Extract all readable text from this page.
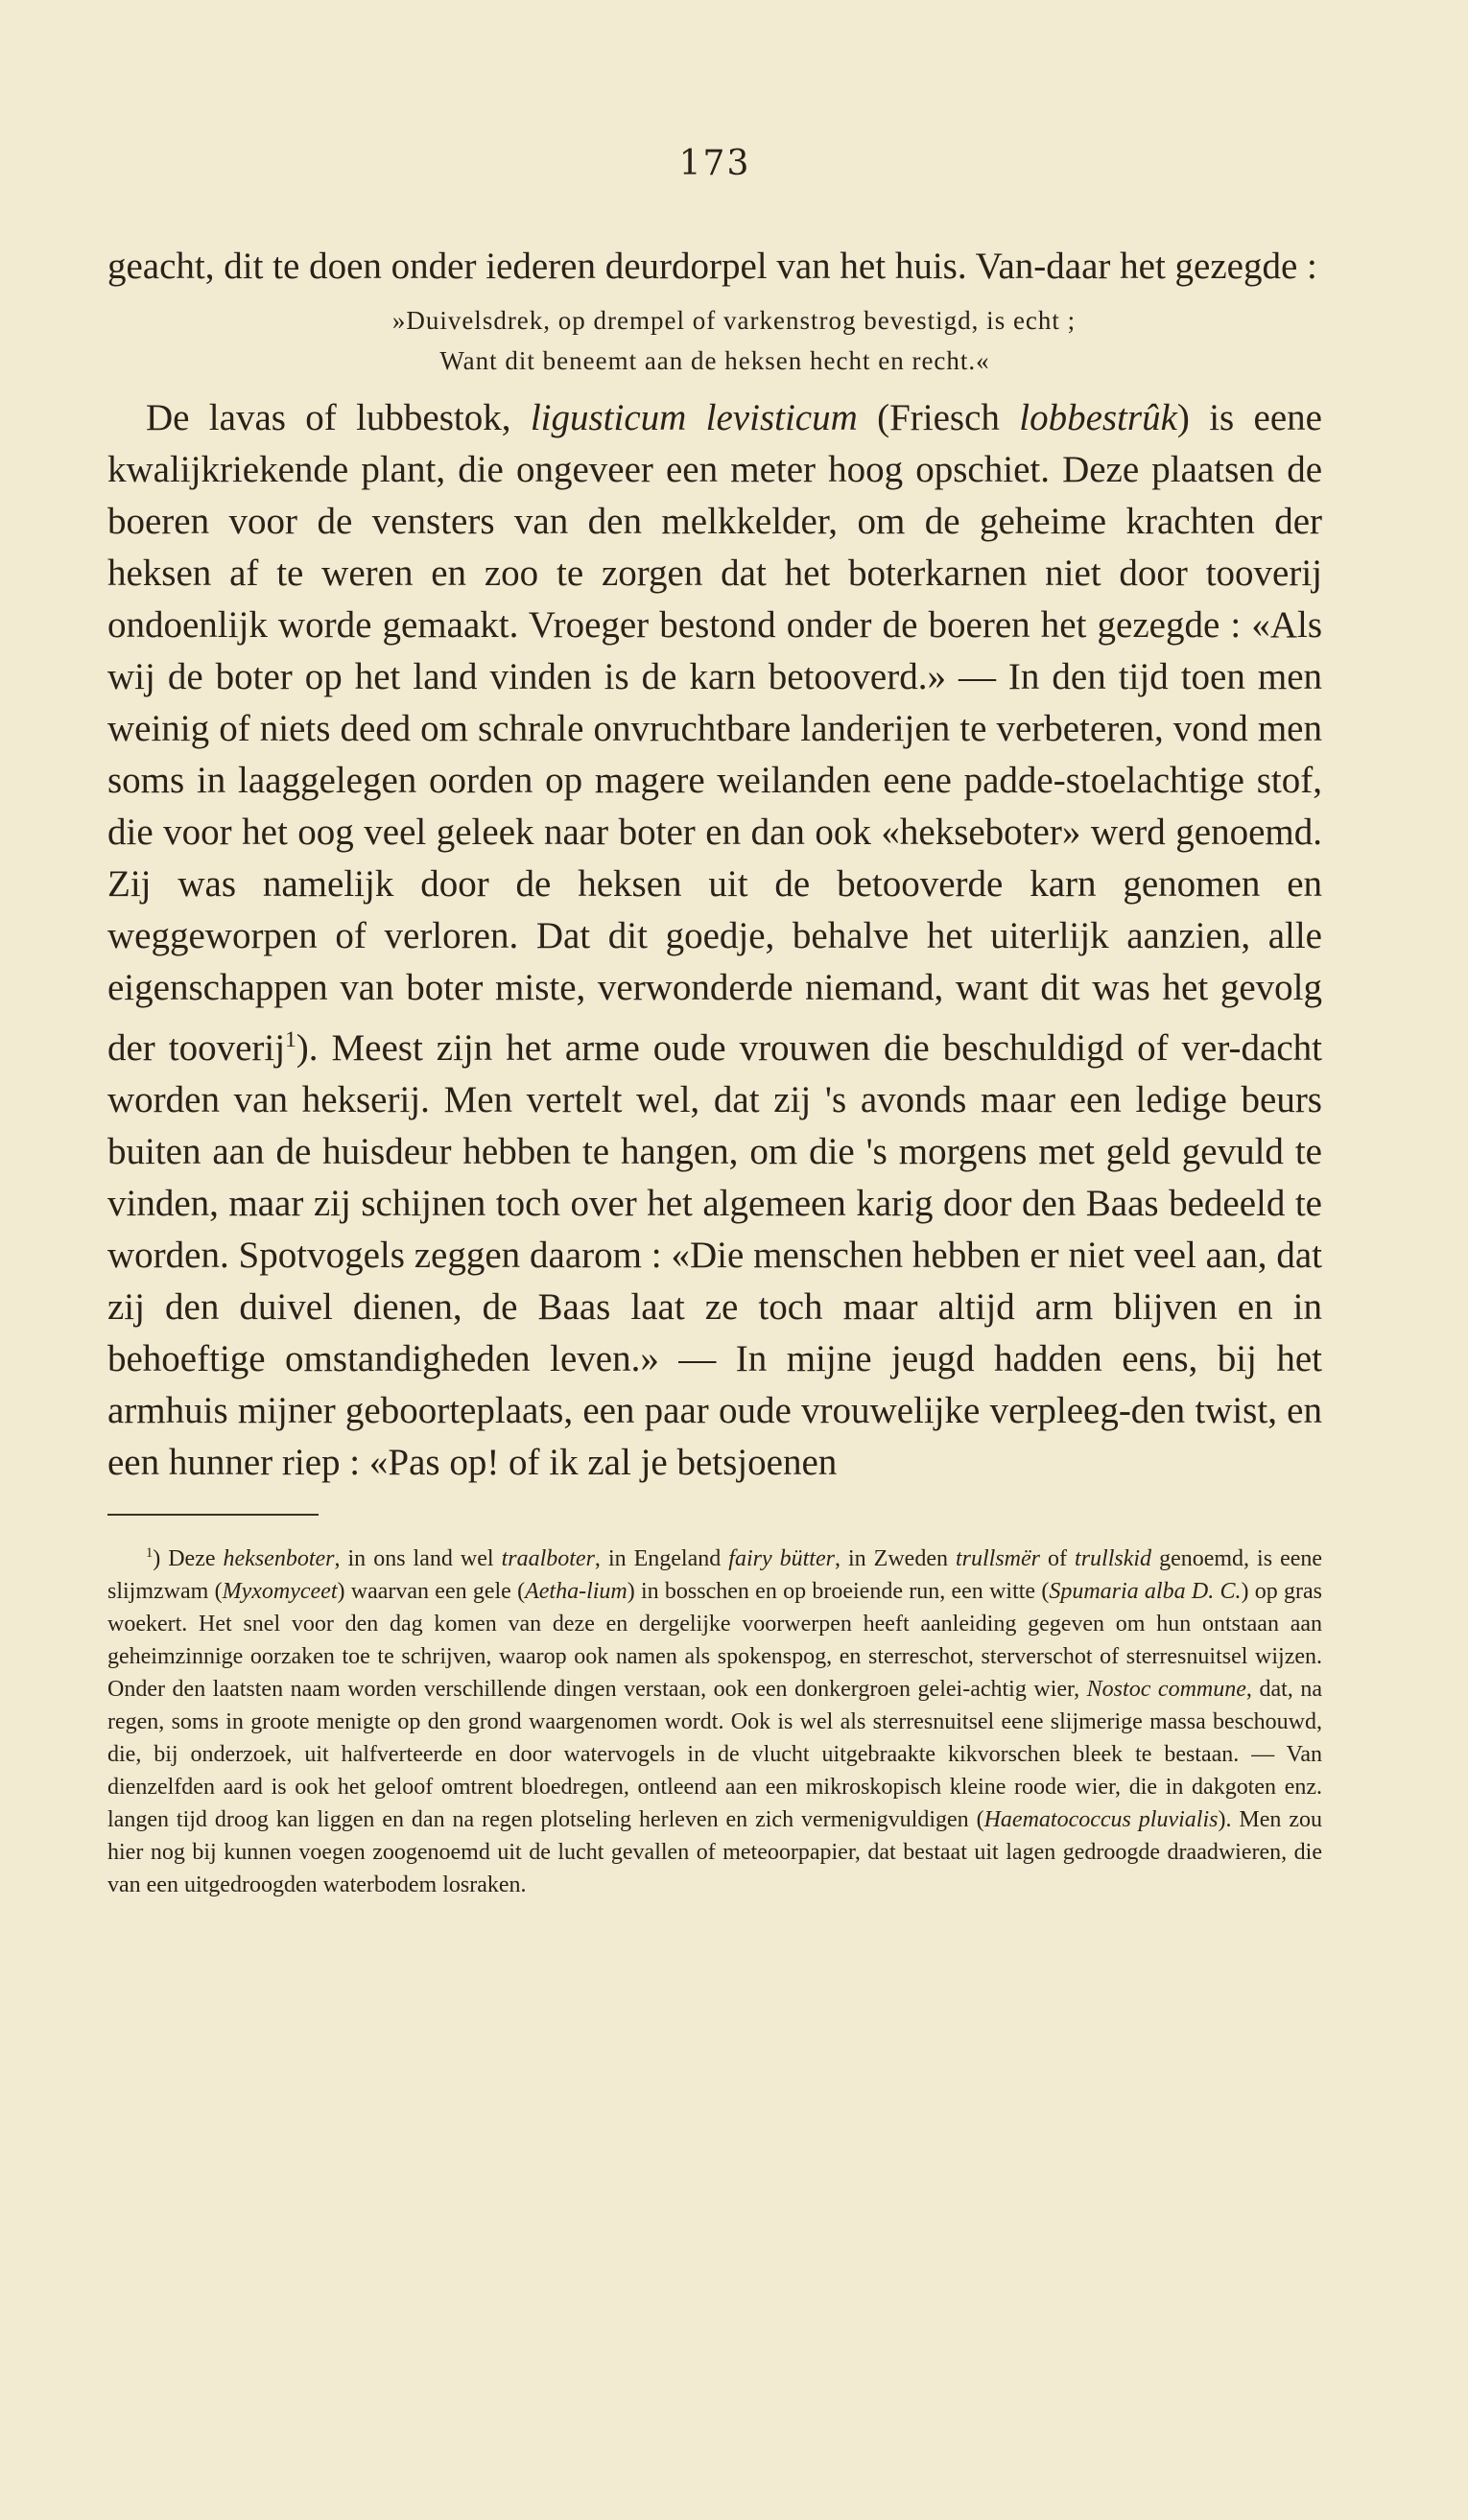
173

geacht, dit te doen onder iederen deurdorpel van het huis. Van-daar het gezegde :

»Duivelsdrek, op drempel of varkenstrog bevestigd, is echt ;
Want dit beneemt aan de heksen hecht en recht.«

De lavas of lubbestok, ligusticum levisticum (Friesch lobbestrûk) is eene kwalijkriekende plant, die ongeveer een meter hoog opschiet. Deze plaatsen de boeren voor de vensters van den melkkelder, om de geheime krachten der heksen af te weren en zoo te zorgen dat het boterkarnen niet door tooverij ondoenlijk worde gemaakt. Vroeger bestond onder de boeren het gezegde : «Als wij de boter op het land vinden is de karn betooverd.» — In den tijd toen men weinig of niets deed om schrale onvruchtbare landerijen te verbeteren, vond men soms in laaggelegen oorden op magere weilanden eene padde-stoelachtige stof, die voor het oog veel geleek naar boter en dan ook «hekseboter» werd genoemd. Zij was namelijk door de heksen uit de betooverde karn genomen en weggeworpen of verloren. Dat dit goedje, behalve het uiterlijk aanzien, alle eigenschappen van boter miste, verwonderde niemand, want dit was het gevolg der tooverij$^1$). Meest zijn het arme oude vrouwen die beschuldigd of ver-dacht worden van hekserij. Men vertelt wel, dat zij 's avonds maar een ledige beurs buiten aan de huisdeur hebben te hangen, om die 's morgens met geld gevuld te vinden, maar zij schijnen toch over het algemeen karig door den Baas bedeeld te worden. Spotvogels zeggen daarom : «Die menschen hebben er niet veel aan, dat zij den duivel dienen, de Baas laat ze toch maar altijd arm blijven en in behoeftige omstandigheden leven.» — In mijne jeugd hadden eens, bij het armhuis mijner geboorteplaats, een paar oude vrouwelijke verpleeg-den twist, en een hunner riep : «Pas op! of ik zal je betsjoenen

$^1$) Deze heksenboter, in ons land wel traalboter, in Engeland fairy bütter, in Zweden trullsmër of trullskid genoemd, is eene slijmzwam (Myxomyceet) waarvan een gele (Aetha-lium) in bosschen en op broeiende run, een witte (Spumaria alba D. C.) op gras woekert. Het snel voor den dag komen van deze en dergelijke voorwerpen heeft aanleiding gegeven om hun ontstaan aan geheimzinnige oorzaken toe te schrijven, waarop ook namen als spokenspog, en sterreschot, sterverschot of sterresnuitsel wijzen. Onder den laatsten naam worden verschillende dingen verstaan, ook een donkergroen gelei-achtig wier, Nostoc commune, dat, na regen, soms in groote menigte op den grond waargenomen wordt. Ook is wel als sterresnuitsel eene slijmerige massa beschouwd, die, bij onderzoek, uit halfverteerde en door watervogels in de vlucht uitgebraakte kikvorschen bleek te bestaan. — Van dienzelfden aard is ook het geloof omtrent bloedregen, ontleend aan een mikroskopisch kleine roode wier, die in dakgoten enz. langen tijd droog kan liggen en dan na regen plotseling herleven en zich vermenigvuldigen (Haematococcus pluvialis). Men zou hier nog bij kunnen voegen zoogenoemd uit de lucht gevallen of meteoorpapier, dat bestaat uit lagen gedroogde draadwieren, die van een uitgedroogden waterbodem losraken.
